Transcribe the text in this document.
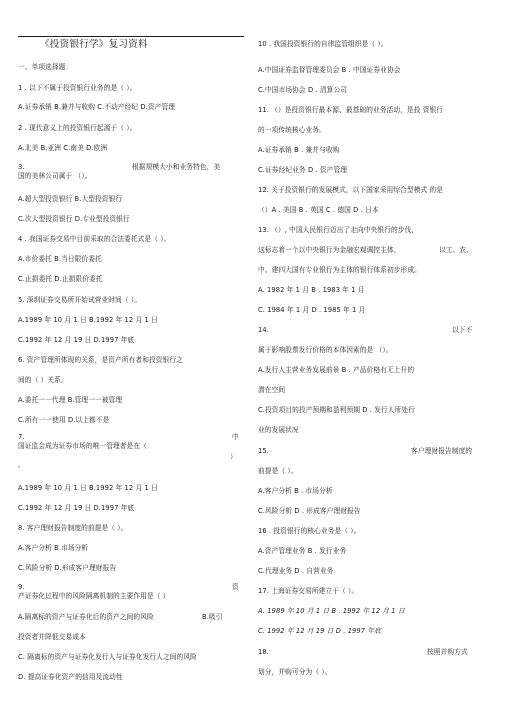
《投资银行学》复习资料
一、单项选择题：
1 . 以下不属于投资银行业务的是（ ）。
A.证券承销 B.兼并与收购 C.不动产经纪 D.资产管理
2 . 现代意义上的投资银行起源于（ ）。
A.北美 B.亚洲 C.南美 D.欧洲
3.	根据规模大小和业务特色，美
国的美林公司属于 （）。
A.超大型投资银行 B.大型投资银行
C.次大型投资银行 D.专业型投资银行
4 . 我国证券交易中目前采取的合法委托式是（ ）。
A.市价委托 B.当日限价委托
C.止损委托 D.止损限价委托
5. 深圳证券交易所开始试营业时间（ ）。
A.1989 年 10 月 1 日 B.1992 年 12 月 1 日
C.1992 年 12 月 19 日 D.1997 年底
6. 资产管理所体现的关系，是资产所有者和投资银行之
间的（ ）关系。
A.委托一一代理 B.管理一一被管理
C.所有一一使用 D.以上都不是
7.	中
国证监会成为证券市场的唯一管理者是在（
）
。
A.1989 年 10 月 1 日 B.1992 年 12 月 1 日
C.1992 年 12 月 19 日 D.1997 年底
8. 客户理财报告制度的前提是（ ）。
A.客户分析 B.市场分析
C.风险分析 D.形成客户理财报告
9.	资
产证券化过程中的风险隔离机制的主要作用是（ ）
A.隔离标的资产与证券化后的资产之间的风险	B.吸引
投资者并降低交易成本
C. 隔离标的资产与证券化发行人与证券化发行人之间的风险
D. 提高证券化资产的信用及流动性
10 . 我国投资银行的自律监管组织是（ ）。
A.中国证券监督管理委员会 B . 中国证券业协会
C.中国市场协会 D . 清算公司
11. （）是投资银行最本源、最基础的业务活动，是投 资银行
的一项传统核心业务。
A.证券承销 B . 兼并与收购
C.证券经纪业务 D . 资产管理
12. 关于投资银行的发展模式，以下国家采用综合型模式 的是
（）A . 美国 B . 英国 C . 德国 D . 日本
13. （）, 中国人民银行迈出了走向中央银行的步伐，
这标志着一个以中央银行为金融宏观调控主体，	以工、农、
中、建四大国有专业银行为主体的银行体系初步形成。
A. 1982 年 1 月 B . 1983 年 1 月
C. 1984 年 1 月 D . 1985 年 1 月
14.	以下不
属于影响股票发行价格的本体因素的是 （）。
A.发行人主营业务发展前景 B . 产品价格有无上升的
潜在空间
C.投资项目的投产预期和盈利预期 D . 发行人所处行
业的发展状况
15.	客户理财报告制度的
前提是（ ）。
A.客户分析 B . 市场分析
C.风险分析 D . 形成客户理财报告
16 . 投资银行的核心业务是（ ）。
A.资产管理业务 B . 发行业务
C.代理业务 D . 自营业务
17. 上海证券交易所建立于（ ）。
A. 1989 年 10 月 1 日 B . 1992 年 12 月 1 日
C. 1992 年 12 月 19 日 D . 1997 年底
18.	按照并购方式
划分，并购可分为（ ）。
